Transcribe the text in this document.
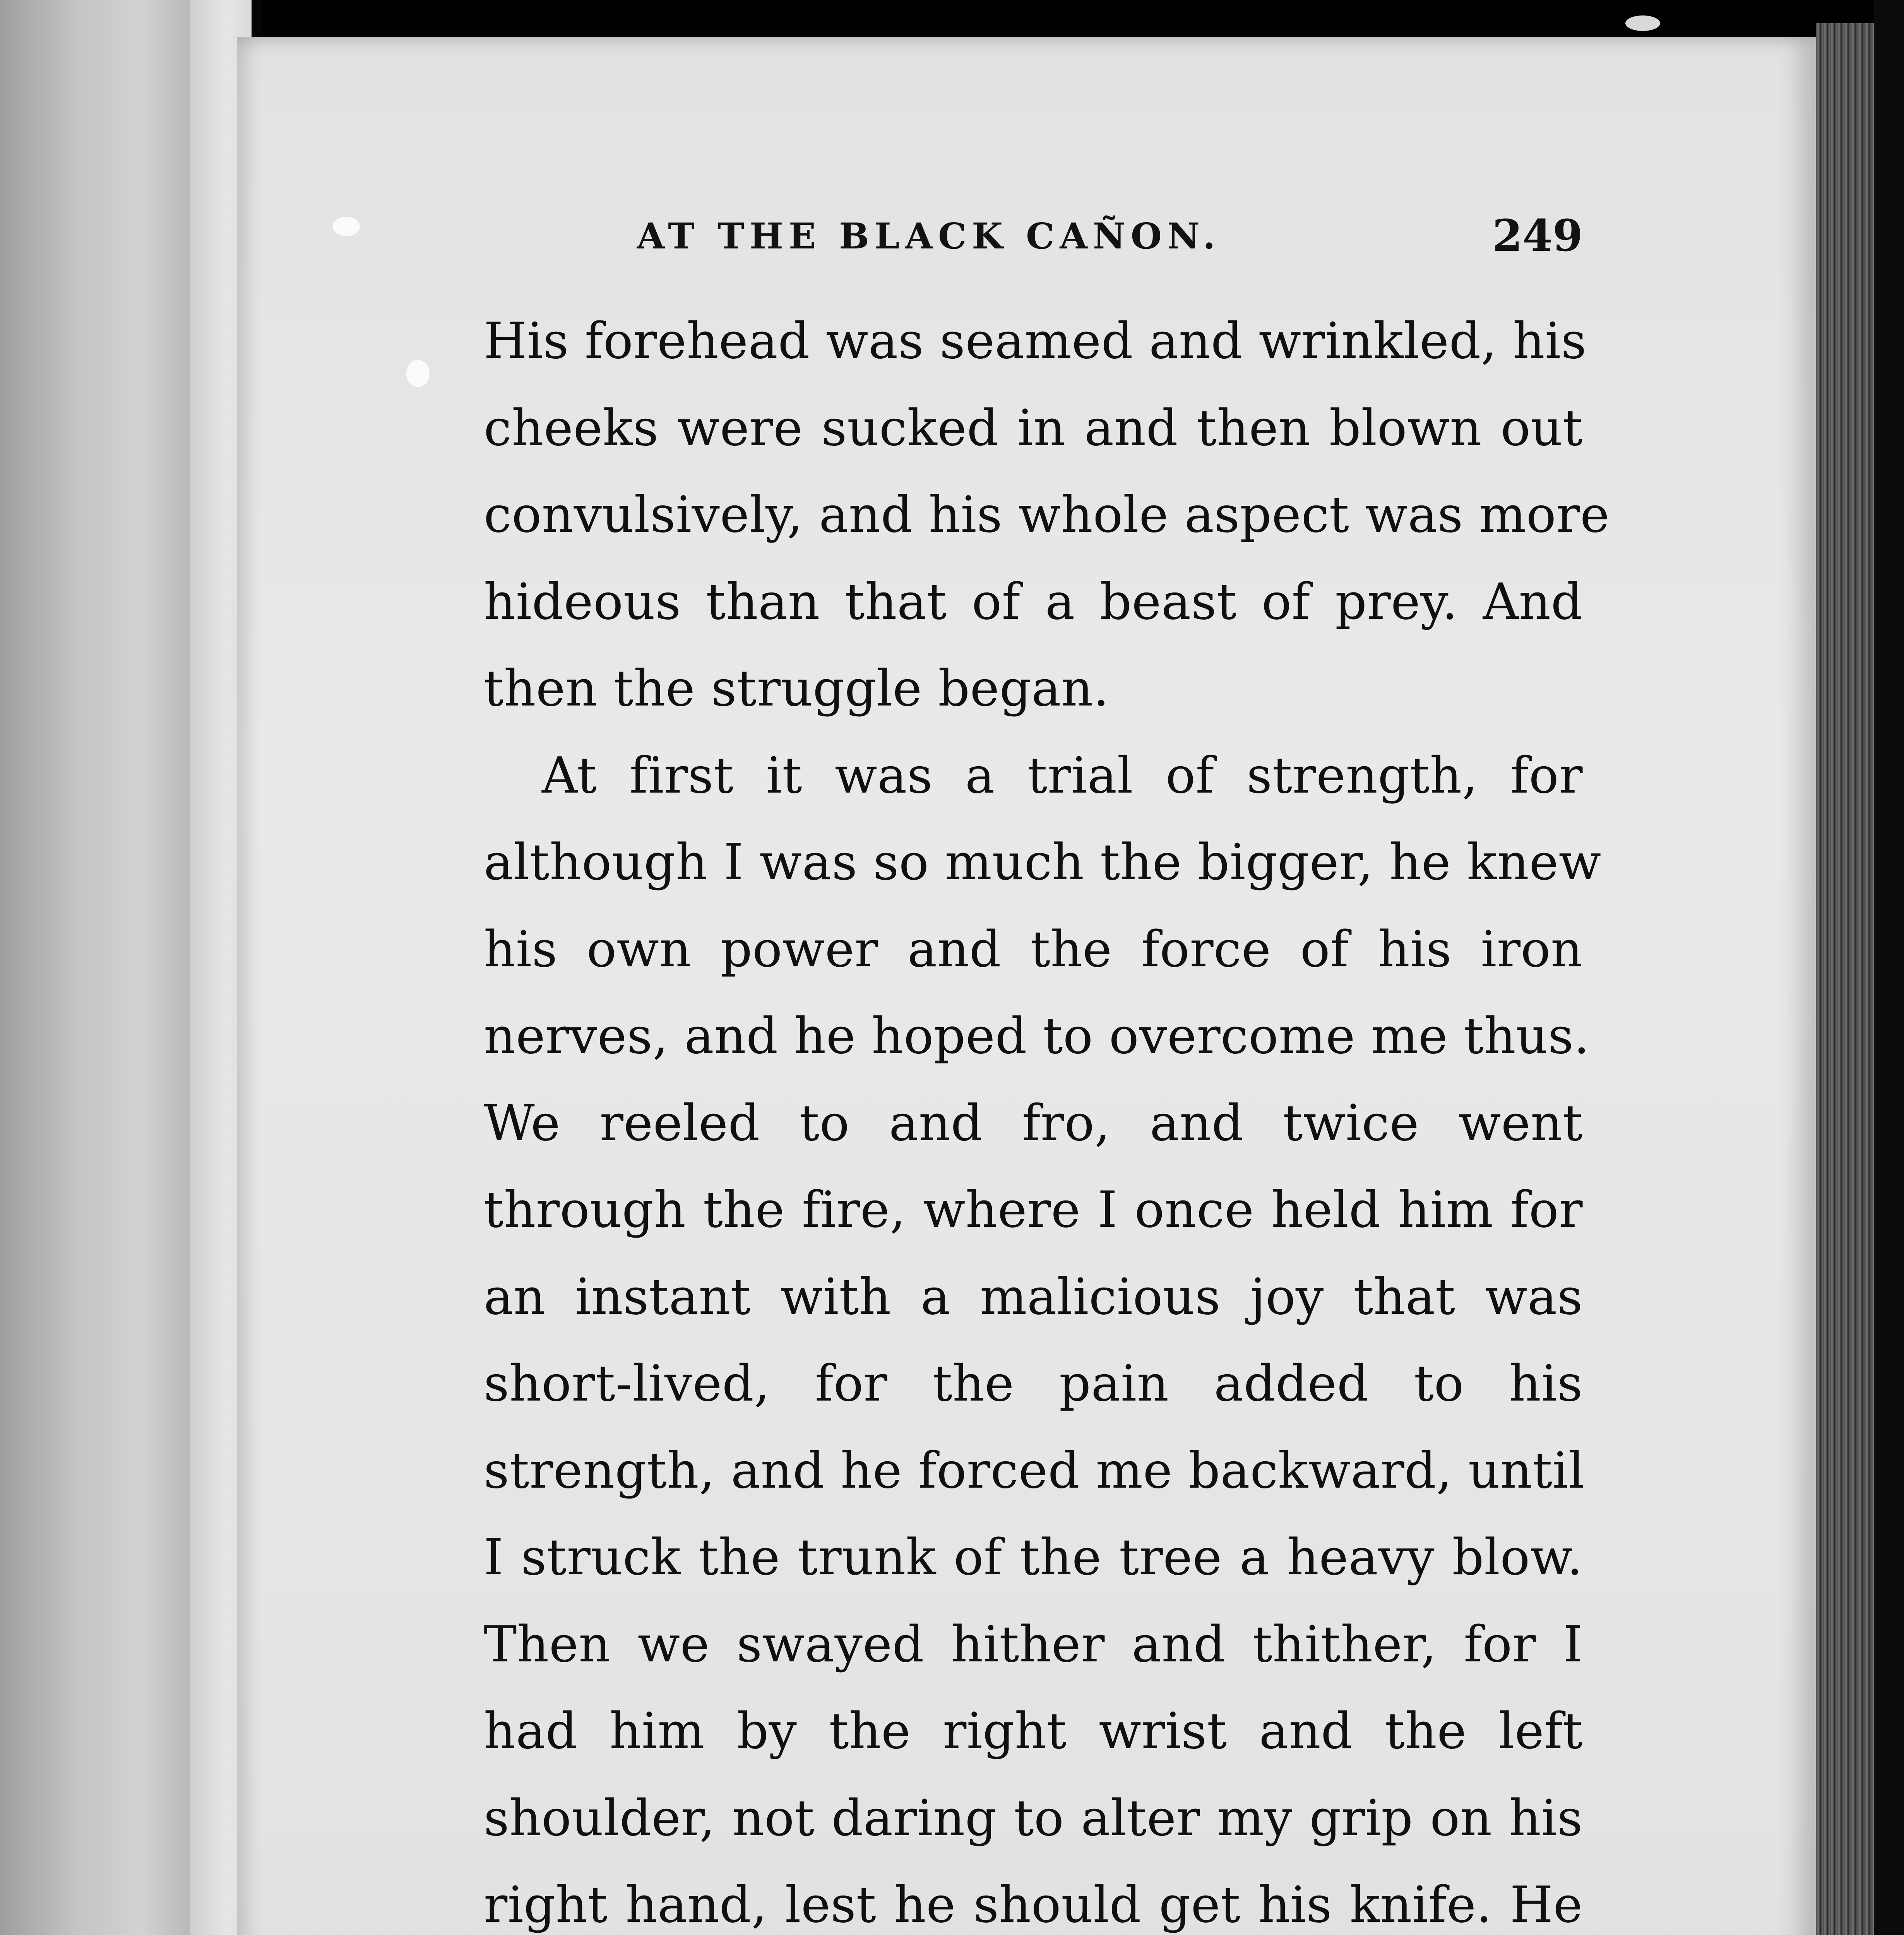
AT THE BLACK CAÑON.	249
His forehead was seamed and wrinkled, his
cheeks were sucked in and then blown out
convulsively, and his whole aspect was more
hideous than that of a beast of prey. And
then the struggle began.
At first it was a trial of strength, for
although I was so much the bigger, he knew
his own power and the force of his iron
nerves, and he hoped to overcome me thus.
We reeled to and fro, and twice went
through the fire, where I once held him for
an instant with a malicious joy that was
short-lived, for the pain added to his
strength, and he forced me backward, until
I struck the trunk of the tree a heavy blow.
Then we swayed hither and thither, for I
had him by the right wrist and the left
shoulder, not daring to alter my grip on his
right hand, lest he should get his knife. He
